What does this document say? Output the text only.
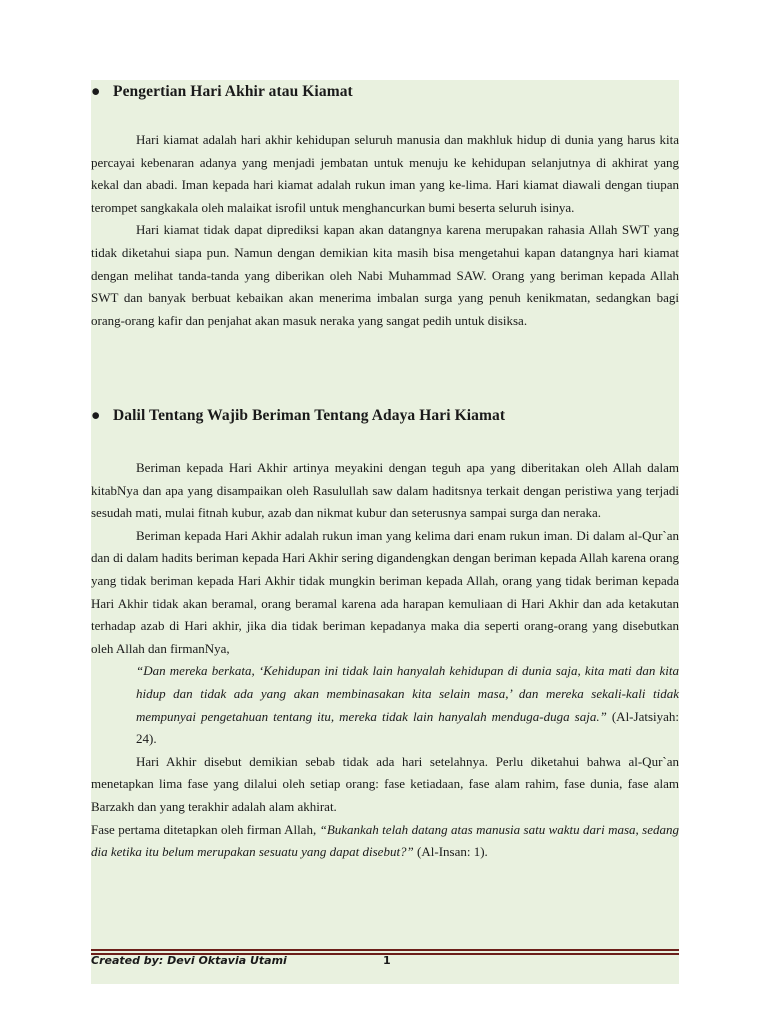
● Pengertian Hari Akhir atau Kiamat

Hari kiamat adalah hari akhir kehidupan seluruh manusia dan makhluk hidup di dunia yang harus kita percayai kebenaran adanya yang menjadi jembatan untuk menuju ke kehidupan selanjutnya di akhirat yang kekal dan abadi. Iman kepada hari kiamat adalah rukun iman yang ke-lima. Hari kiamat diawali dengan tiupan terompet sangkakala oleh malaikat isrofil untuk menghancurkan bumi beserta seluruh isinya.

Hari kiamat tidak dapat diprediksi kapan akan datangnya karena merupakan rahasia Allah SWT yang tidak diketahui siapa pun. Namun dengan demikian kita masih bisa mengetahui kapan datangnya hari kiamat dengan melihat tanda-tanda yang diberikan oleh Nabi Muhammad SAW. Orang yang beriman kepada Allah SWT dan banyak berbuat kebaikan akan menerima imbalan surga yang penuh kenikmatan, sedangkan bagi orang-orang kafir dan penjahat akan masuk neraka yang sangat pedih untuk disiksa.

● Dalil Tentang Wajib Beriman Tentang Adaya Hari Kiamat

Beriman kepada Hari Akhir artinya meyakini dengan teguh apa yang diberitakan oleh Allah dalam kitabNya dan apa yang disampaikan oleh Rasulullah saw dalam haditsnya terkait dengan peristiwa yang terjadi sesudah mati, mulai fitnah kubur, azab dan nikmat kubur dan seterusnya sampai surga dan neraka.

Beriman kepada Hari Akhir adalah rukun iman yang kelima dari enam rukun iman. Di dalam al-Qur`an dan di dalam hadits beriman kepada Hari Akhir sering digandengkan dengan beriman kepada Allah karena orang yang tidak beriman kepada Hari Akhir tidak mungkin beriman kepada Allah, orang yang tidak beriman kepada Hari Akhir tidak akan beramal, orang beramal karena ada harapan kemuliaan di Hari Akhir dan ada ketakutan terhadap azab di Hari akhir, jika dia tidak beriman kepadanya maka dia seperti orang-orang yang disebutkan oleh Allah dan firmanNya,

“Dan mereka berkata, ‘Kehidupan ini tidak lain hanyalah kehidupan di dunia saja, kita mati dan kita hidup dan tidak ada yang akan membinasakan kita selain masa,’ dan mereka sekali-kali tidak mempunyai pengetahuan tentang itu, mereka tidak lain hanyalah menduga-duga saja.” (Al-Jatsiyah: 24).

Hari Akhir disebut demikian sebab tidak ada hari setelahnya. Perlu diketahui bahwa al-Qur`an menetapkan lima fase yang dilalui oleh setiap orang: fase ketiadaan, fase alam rahim, fase dunia, fase alam Barzakh dan yang terakhir adalah alam akhirat.

Fase pertama ditetapkan oleh firman Allah, “Bukankah telah datang atas manusia satu waktu dari masa, sedang dia ketika itu belum merupakan sesuatu yang dapat disebut?” (Al-Insan: 1).

Created by: Devi Oktavia Utami	1
